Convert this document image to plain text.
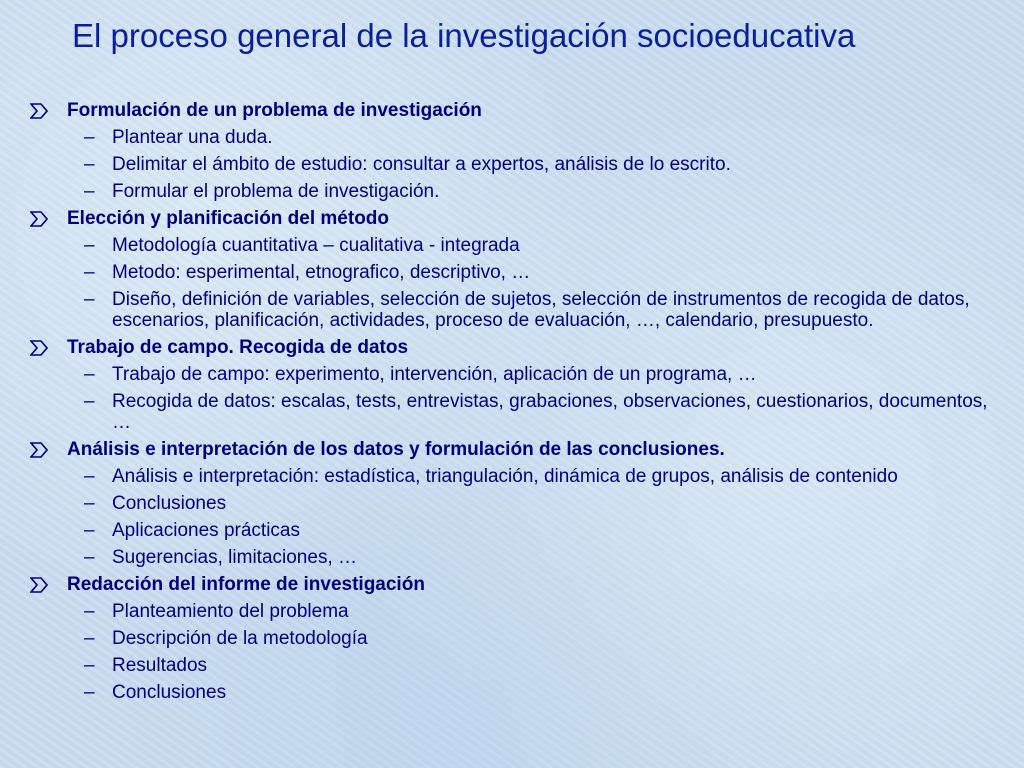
El proceso general de la investigación socioeducativa
Formulación de un problema de investigación
– Plantear una duda.
– Delimitar el ámbito de estudio: consultar a expertos, análisis de lo escrito.
– Formular el problema de investigación.
Elección y planificación del método
– Metodología cuantitativa – cualitativa - integrada
– Metodo: esperimental, etnografico, descriptivo, …
– Diseño, definición de variables, selección de sujetos, selección de instrumentos de recogida de datos, escenarios, planificación, actividades, proceso de evaluación, …, calendario, presupuesto.
Trabajo de campo. Recogida de datos
– Trabajo de campo: experimento, intervención, aplicación de un programa, …
– Recogida de datos: escalas, tests, entrevistas, grabaciones, observaciones, cuestionarios, documentos, …
Análisis e interpretación de los datos y formulación de las conclusiones.
– Análisis e interpretación: estadística, triangulación, dinámica de grupos, análisis de contenido
– Conclusiones
– Aplicaciones prácticas
– Sugerencias, limitaciones, …
Redacción del informe de investigación
– Planteamiento del problema
– Descripción de la metodología
– Resultados
– Conclusiones
